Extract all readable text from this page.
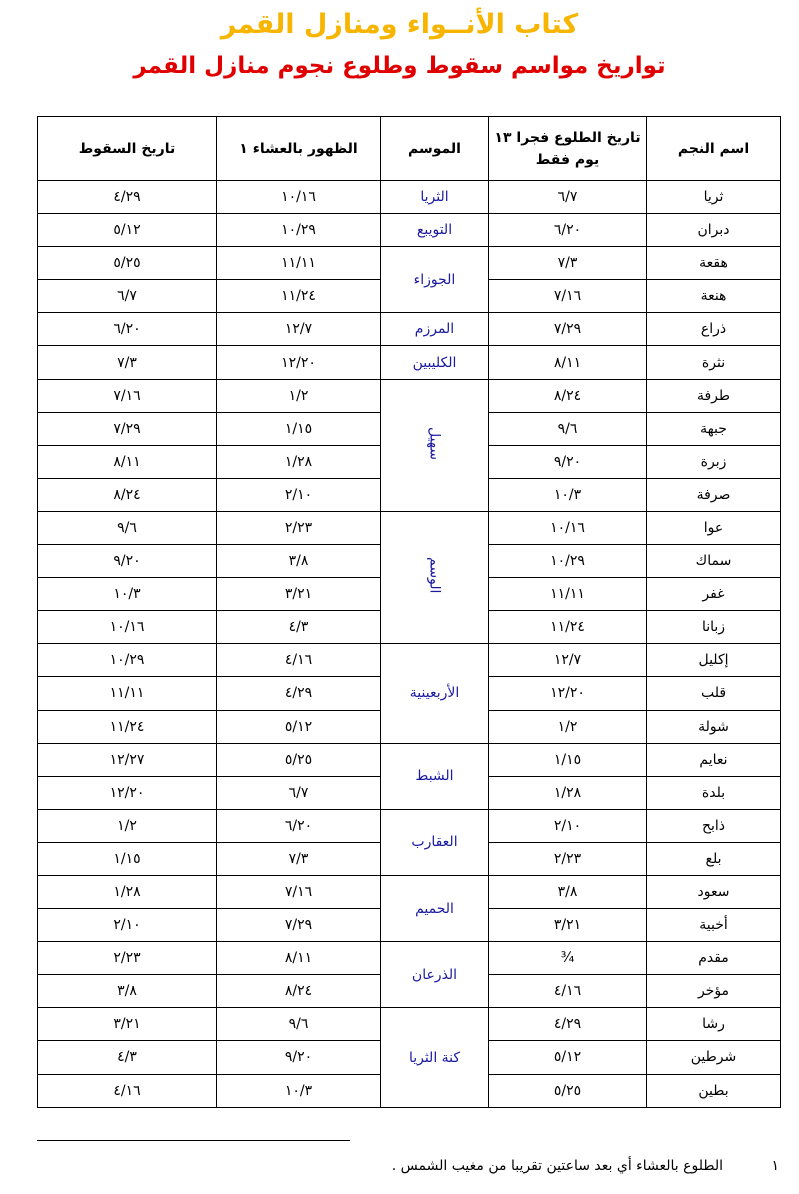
كتاب الأنــواء ومنازل القمر
تواريخ مواسم سقوط وطلوع نجوم منازل القمر
اسم النجم	تاريخ الطلوع فجرا ١٣ يوم فقط	الموسم	الظهور بالعشاء ١	تاريخ السقوط
ثريا	٦/٧	الثريا	١٠/١٦	٤/٢٩
دبران	٦/٢٠	التويبع	١٠/٢٩	٥/١٢
هقعة	٧/٣	الجوزاء	١١/١١	٥/٢٥
هنعة	٧/١٦		١١/٢٤	٦/٧
ذراع	٧/٢٩	المرزم	١٢/٧	٦/٢٠
نثرة	٨/١١	الكليبين	١٢/٢٠	٧/٣
طرفة	٨/٢٤	سهيل	١/٢	٧/١٦
جبهة	٩/٦		١/١٥	٧/٢٩
زبرة	٩/٢٠		١/٢٨	٨/١١
صرفة	١٠/٣		٢/١٠	٨/٢٤
عوا	١٠/١٦	الوسم	٢/٢٣	٩/٦
سماك	١٠/٢٩		٣/٨	٩/٢٠
غفر	١١/١١		٣/٢١	١٠/٣
زبانا	١١/٢٤		٤/٣	١٠/١٦
إكليل	١٢/٧	الأربعينية	٤/١٦	١٠/٢٩
قلب	١٢/٢٠		٤/٢٩	١١/١١
شولة	١/٢		٥/١٢	١١/٢٤
نعايم	١/١٥	الشبط	٥/٢٥	١٢/٢٧
بلدة	١/٢٨		٦/٧	١٢/٢٠
ذابح	٢/١٠	العقارب	٦/٢٠	١/٢
بلع	٢/٢٣		٧/٣	١/١٥
سعود	٣/٨	الحميم	٧/١٦	١/٢٨
أخبية	٣/٢١		٧/٢٩	٢/١٠
مقدم	¾	الذرعان	٨/١١	٢/٢٣
مؤخر	٤/١٦		٨/٢٤	٣/٨
رشا	٤/٢٩	كنة الثريا	٩/٦	٣/٢١
شرطين	٥/١٢		٩/٢٠	٤/٣
بطين	٥/٢٥		١٠/٣	٤/١٦
١
الطلوع بالعشاء أي بعد ساعتين تقريبا من مغيب الشمس .
